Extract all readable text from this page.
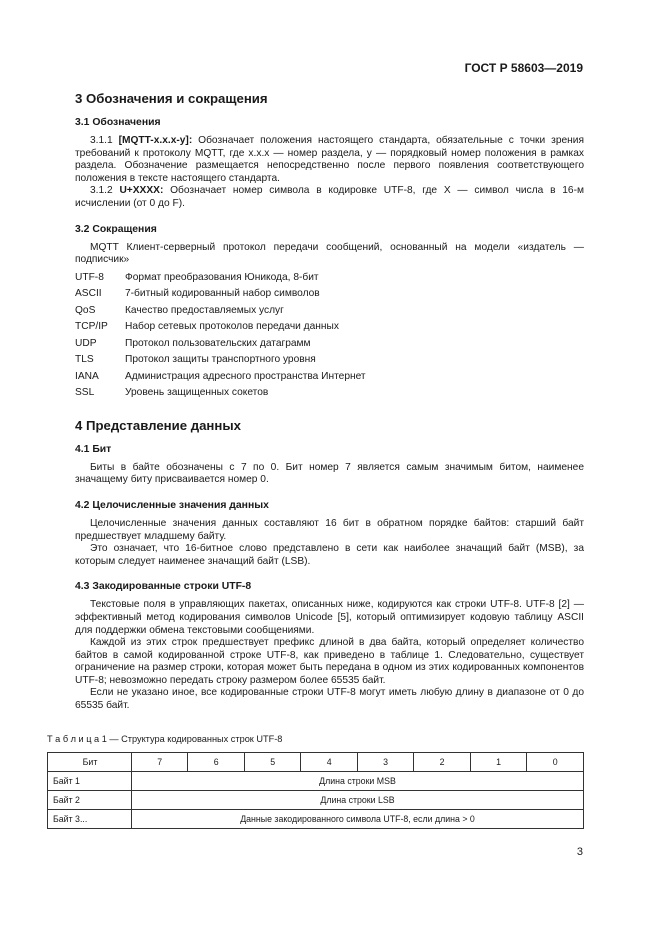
ГОСТ Р 58603—2019
3 Обозначения и сокращения
3.1 Обозначения

3.1.1 [MQTT-x.x.x-y]: Обозначает положения настоящего стандарта, обязательные с точки зрения требований к протоколу MQTT, где x.x.x — номер раздела, y — порядковый номер положения в рамках раздела. Обозначение размещается непосредственно после первого появления соответствующего положения в тексте настоящего стандарта.

3.1.2 U+XXXX: Обозначает номер символа в кодировке UTF-8, где X — символ числа в 16-м исчислении (от 0 до F).

3.2 Сокращения

MQTT Клиент-серверный протокол передачи сообщений, основанный на модели «издатель — подписчик»

UTF-8	Формат преобразования Юникода, 8-бит
ASCII	7-битный кодированный набор символов
QoS	Качество предоставляемых услуг
TCP/IP	Набор сетевых протоколов передачи данных
UDP	Протокол пользовательских датаграмм
TLS	Протокол защиты транспортного уровня
IANA	Администрация адресного пространства Интернет
SSL	Уровень защищенных сокетов
4 Представление данных
4.1 Бит

Биты в байте обозначены с 7 по 0. Бит номер 7 является самым значимым битом, наименее значащему биту присваивается номер 0.

4.2 Целочисленные значения данных

Целочисленные значения данных составляют 16 бит в обратном порядке байтов: старший байт предшествует младшему байту.

Это означает, что 16-битное слово представлено в сети как наиболее значащий байт (MSB), за которым следует наименее значащий байт (LSB).

4.3 Закодированные строки UTF-8

Текстовые поля в управляющих пакетах, описанных ниже, кодируются как строки UTF-8. UTF-8 [2] — эффективный метод кодирования символов Unicode [5], который оптимизирует кодовую таблицу ASCII для поддержки обмена текстовыми сообщениями.

Каждой из этих строк предшествует префикс длиной в два байта, который определяет количество байтов в самой кодированной строке UTF-8, как приведено в таблице 1. Следовательно, существует ограничение на размер строки, которая может быть передана в одном из этих кодированных компонентов UTF-8; невозможно передать строку размером более 65535 байт.

Если не указано иное, все кодированные строки UTF-8 могут иметь любую длину в диапазоне от 0 до 65535 байт.

Т а б л и ц а 1 — Структура кодированных строк UTF-8
Бит	7	6	5	4	3	2	1	0
Байт 1	Длина строки MSB							
Байт 2	Длина строки LSB							
Байт 3...	Данные закодированного символа UTF-8, если длина > 0							
3
